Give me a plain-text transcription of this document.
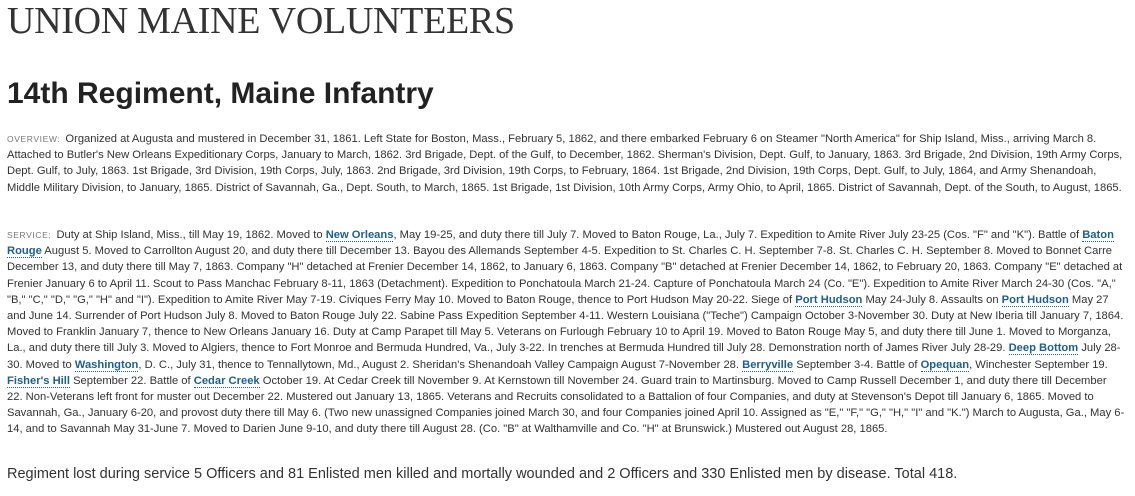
UNION MAINE VOLUNTEERS
14th Regiment, Maine Infantry

OVERVIEW: Organized at Augusta and mustered in December 31, 1861. Left State for Boston, Mass., February 5, 1862, and there embarked February 6 on Steamer "North America" for Ship Island, Miss., arriving March 8. Attached to Butler's New Orleans Expeditionary Corps, January to March, 1862. 3rd Brigade, Dept. of the Gulf, to December, 1862. Sherman's Division, Dept. Gulf, to January, 1863. 3rd Brigade, 2nd Division, 19th Army Corps, Dept. Gulf, to July, 1863. 1st Brigade, 3rd Division, 19th Corps, July, 1863. 2nd Brigade, 3rd Division, 19th Corps, to February, 1864. 1st Brigade, 2nd Division, 19th Corps, Dept. Gulf, to July, 1864, and Army Shenandoah, Middle Military Division, to January, 1865. District of Savannah, Ga., Dept. South, to March, 1865. 1st Brigade, 1st Division, 10th Army Corps, Army Ohio, to April, 1865. District of Savannah, Dept. of the South, to August, 1865.

SERVICE: Duty at Ship Island, Miss., till May 19, 1862. Moved to New Orleans, May 19-25, and duty there till July 7. Moved to Baton Rouge, La., July 7. Expedition to Amite River July 23-25 (Cos. "F" and "K"). Battle of Baton Rouge August 5. Moved to Carrollton August 20, and duty there till December 13. Bayou des Allemands September 4-5. Expedition to St. Charles C. H. September 7-8. St. Charles C. H. September 8. Moved to Bonnet Carre December 13, and duty there till May 7, 1863. Company "H" detached at Frenier December 14, 1862, to January 6, 1863. Company "B" detached at Frenier December 14, 1862, to February 20, 1863. Company "E" detached at Frenier January 6 to April 11. Scout to Pass Manchac February 8-11, 1863 (Detachment). Expedition to Ponchatoula March 21-24. Capture of Ponchatoula March 24 (Co. "E"). Expedition to Amite River March 24-30 (Cos. "A," "B," "C," "D," "G," "H" and "I"). Expedition to Amite River May 7-19. Civiques Ferry May 10. Moved to Baton Rouge, thence to Port Hudson May 20-22. Siege of Port Hudson May 24-July 8. Assaults on Port Hudson May 27 and June 14. Surrender of Port Hudson July 8. Moved to Baton Rouge July 22. Sabine Pass Expedition September 4-11. Western Louisiana ("Teche") Campaign October 3-November 30. Duty at New Iberia till January 7, 1864. Moved to Franklin January 7, thence to New Orleans January 16. Duty at Camp Parapet till May 5. Veterans on Furlough February 10 to April 19. Moved to Baton Rouge May 5, and duty there till June 1. Moved to Morganza, La., and duty there till July 3. Moved to Algiers, thence to Fort Monroe and Bermuda Hundred, Va., July 3-22. In trenches at Bermuda Hundred till July 28. Demonstration north of James River July 28-29. Deep Bottom July 28-30. Moved to Washington, D. C., July 31, thence to Tennallytown, Md., August 2. Sheridan's Shenandoah Valley Campaign August 7-November 28. Berryville September 3-4. Battle of Opequan, Winchester September 19. Fisher's Hill September 22. Battle of Cedar Creek October 19. At Cedar Creek till November 9. At Kernstown till November 24. Guard train to Martinsburg. Moved to Camp Russell December 1, and duty there till December 22. Non-Veterans left front for muster out December 22. Mustered out January 13, 1865. Veterans and Recruits consolidated to a Battalion of four Companies, and duty at Stevenson's Depot till January 6, 1865. Moved to Savannah, Ga., January 6-20, and provost duty there till May 6. (Two new unassigned Companies joined March 30, and four Companies joined April 10. Assigned as "E," "F," "G," "H," "I" and "K.") March to Augusta, Ga., May 6-14, and to Savannah May 31-June 7. Moved to Darien June 9-10, and duty there till August 28. (Co. "B" at Walthamville and Co. "H" at Brunswick.) Mustered out August 28, 1865.

Regiment lost during service 5 Officers and 81 Enlisted men killed and mortally wounded and 2 Officers and 330 Enlisted men by disease. Total 418.
